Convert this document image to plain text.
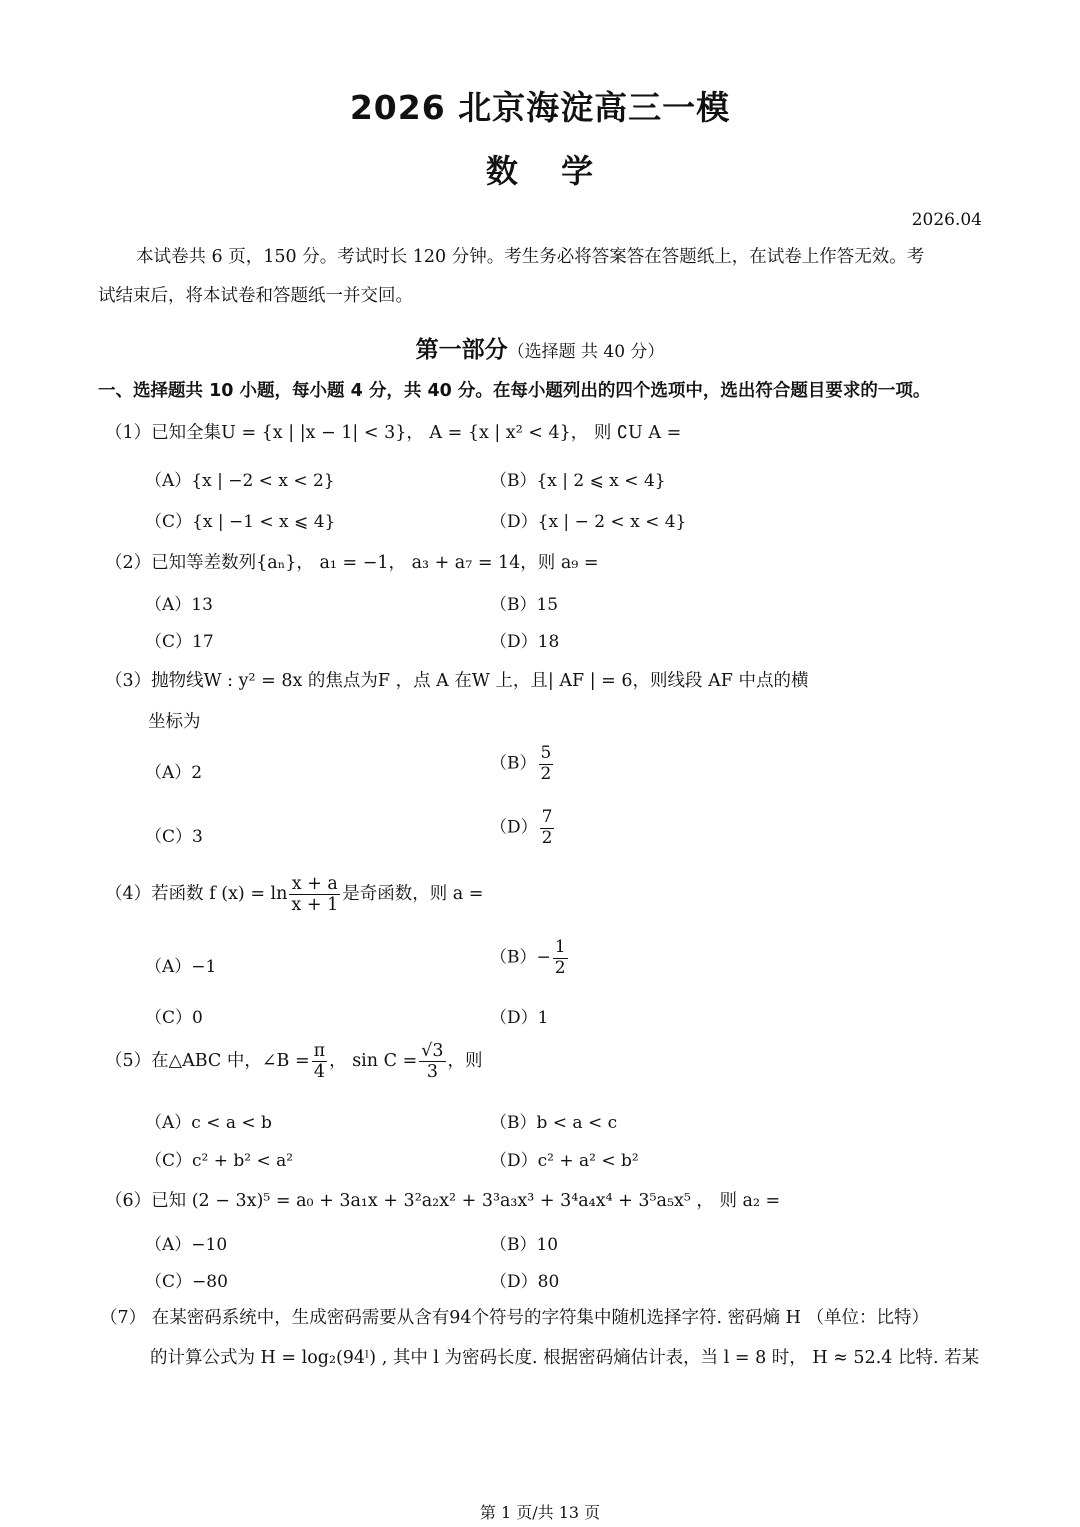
2026 北京海淀高三一模
数 学
2026.04
本试卷共 6 页，150 分。考试时长 120 分钟。考生务必将答案答在答题纸上，在试卷上作答无效。考
试结束后，将本试卷和答题纸一并交回。
第一部分（选择题 共 40 分）
一、选择题共 10 小题，每小题 4 分，共 40 分。在每小题列出的四个选项中，选出符合题目要求的一项。
（1）已知全集U = {x | |x − 1| < 3}， A = {x | x² < 4}， 则 ∁U A =
（A）{x | −2 < x < 2}	（B）{x | 2 ⩽ x < 4}
（C）{x | −1 < x ⩽ 4}	（D）{x | − 2 < x < 4}
（2）已知等差数列{aₙ}， a₁ = −1， a₃ + a₇ = 14，则 a₉ =
（A）13	（B）15
（C）17	（D）18
（3）抛物线W : y² = 8x 的焦点为F ，点 A 在W 上，且| AF | = 6，则线段 AF 中点的横
坐标为
（A）2	$(B) \frac{5}{2}$
（C）3	$(D) \frac{7}{2}$
（4）若函数 f $(x) = \ln \frac{x + a}{x + 1}$ 是奇函数，则 a =
（A）−1	$(B)- \frac{1}{2}$
（C）0	（D）1
（5）在△ABC 中，∠B = $\frac{\pi}{4}$ ， $\sin C = \frac{√3}{3}$ ，则
（A）c < a < b	（B）b < a < c
（C）c² + b² < a²	（D）c² + a² < b²
（6）已知 (2 − 3x)⁵ = a₀ + 3a₁x + 3²a₂x² + 3³a₃x³ + 3⁴a₄x⁴ + 3⁵a₅x⁵ ， 则 a₂ =
（A）−10	（B）10
（C）−80	（D）80
（7） 在某密码系统中，生成密码需要从含有94个符号的字符集中随机选择字符. 密码熵 H （单位：比特）
的计算公式为 H = log₂(94ˡ) , 其中 l 为密码长度. 根据密码熵估计表，当 l = 8 时， H ≈ 52.4 比特. 若某
第 1 页/共 13 页
